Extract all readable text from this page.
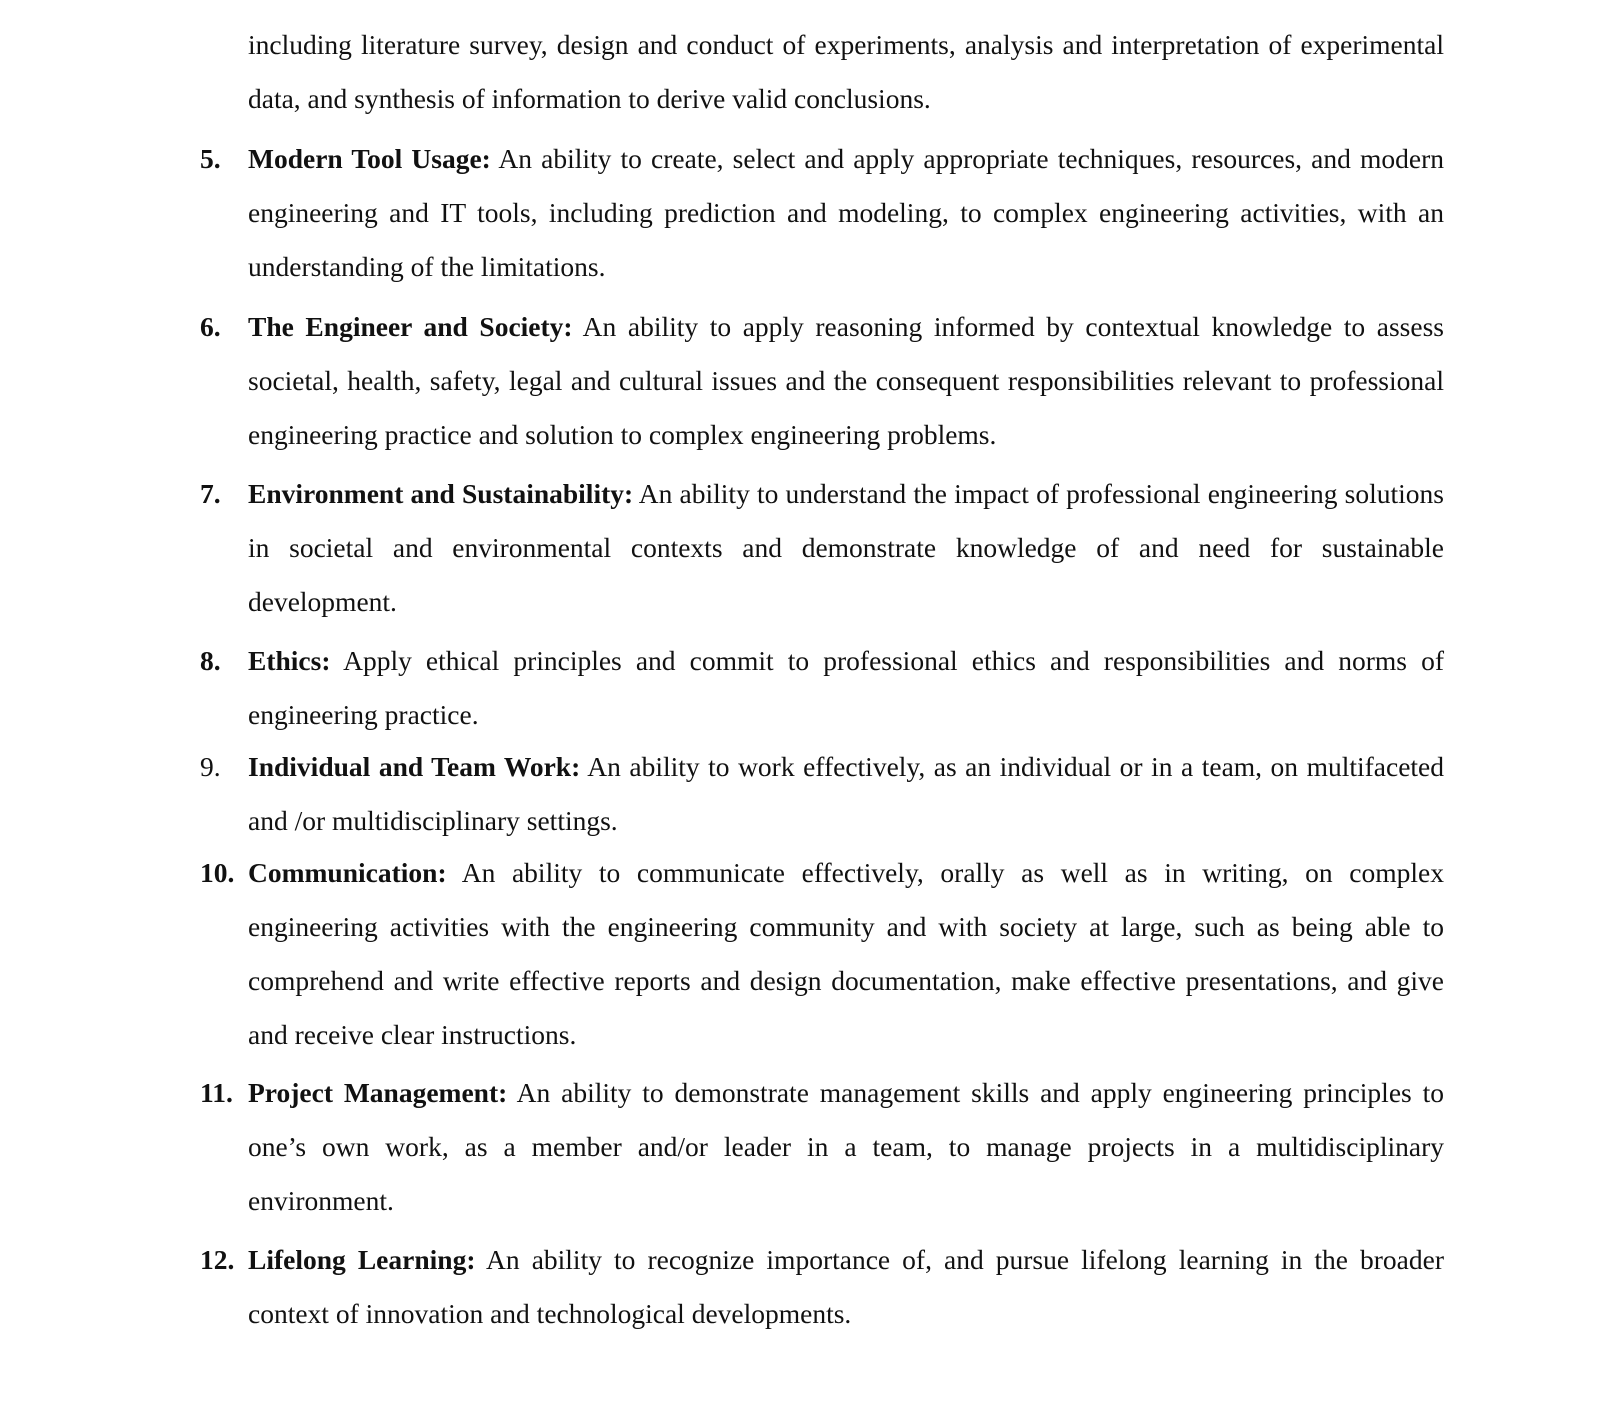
including literature survey, design and conduct of experiments, analysis and interpretation of experimental data, and synthesis of information to derive valid conclusions.

5. Modern Tool Usage: An ability to create, select and apply appropriate techniques, resources, and modern engineering and IT tools, including prediction and modeling, to complex engineering activities, with an understanding of the limitations.
6. The Engineer and Society: An ability to apply reasoning informed by contextual knowledge to assess societal, health, safety, legal and cultural issues and the consequent responsibilities relevant to professional engineering practice and solution to complex engineering problems.
7. Environment and Sustainability: An ability to understand the impact of professional engineering solutions in societal and environmental contexts and demonstrate knowledge of and need for sustainable development.
8. Ethics: Apply ethical principles and commit to professional ethics and responsibilities and norms of engineering practice.
9. Individual and Team Work: An ability to work effectively, as an individual or in a team, on multifaceted and /or multidisciplinary settings.
10. Communication: An ability to communicate effectively, orally as well as in writing, on complex engineering activities with the engineering community and with society at large, such as being able to comprehend and write effective reports and design documentation, make effective presentations, and give and receive clear instructions.
11. Project Management: An ability to demonstrate management skills and apply engineering principles to one’s own work, as a member and/or leader in a team, to manage projects in a multidisciplinary environment.
12. Lifelong Learning: An ability to recognize importance of, and pursue lifelong learning in the broader context of innovation and technological developments.
